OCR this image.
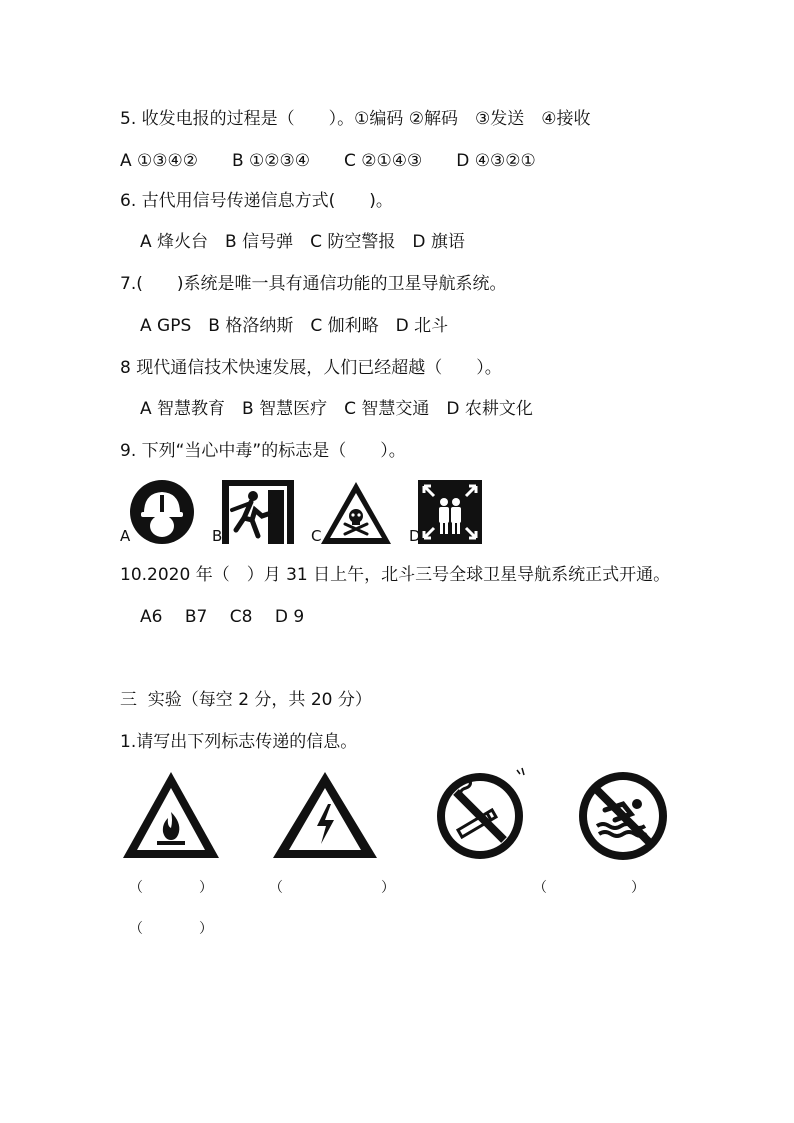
5. 收发电报的过程是（　　）。①编码 ②解码　③发送　④接收
A ①③④②　　B ①②③④　　C ②①④③　　D ④③②①
6. 古代用信号传递信息方式(　　)。
A 烽火台　B 信号弹　C 防空警报　D 旗语
7.(　　)系统是唯一具有通信功能的卫星导航系统。
A GPS　B 格洛纳斯　C 伽利略　D 北斗
8 现代通信技术快速发展，人们已经超越（　　）。
A 智慧教育　B 智慧医疗　C 智慧交通　D 农耕文化
9. 下列“当心中毒”的标志是（　　）。
A	B	C	D
10.2020 年（　）月 31 日上午，北斗三号全球卫星导航系统正式开通。
A6　 B7　 C8　 D 9
三  实验（每空 2 分，共 20 分）
1.请写出下列标志传递的信息。
（　　　　）	（　　　　　　　）	（　　　　　　）
（　　　　）
